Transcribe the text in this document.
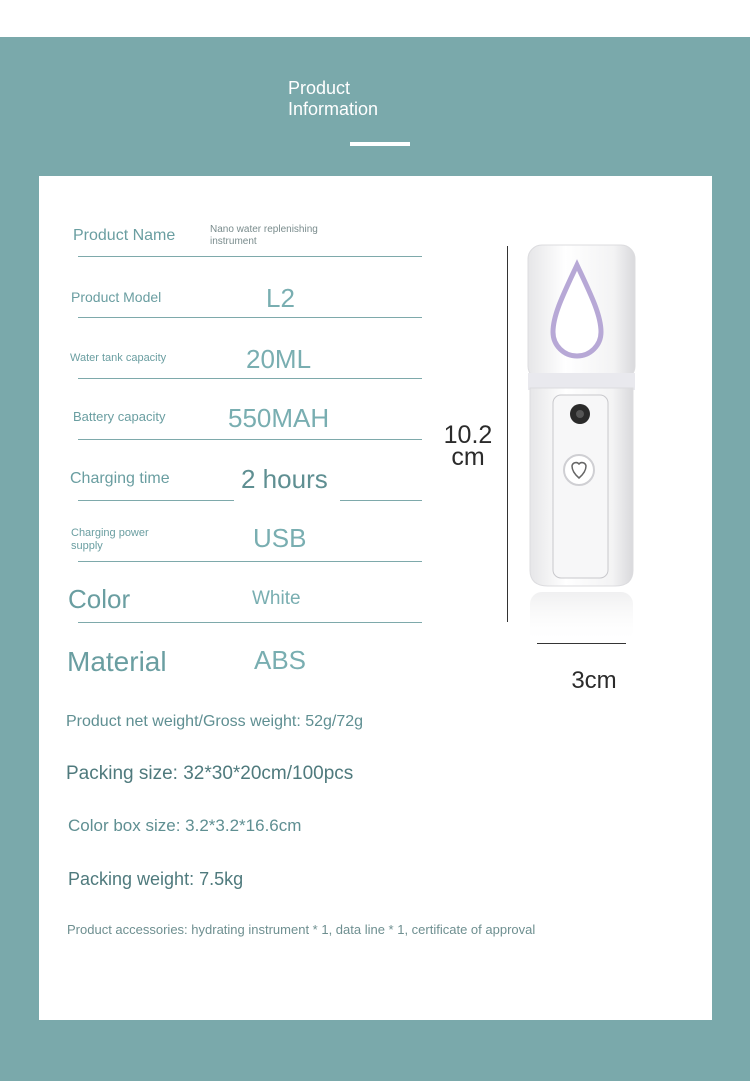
Product
Information
Product Name	Nano water replenishing
instrument
Product Model	L2
Water tank capacity	20ML
Battery capacity 550MAH
Charging time	2 hours
Charging power
supply	USB
Color	White
Material	ABS
Product net weight/Gross weight: 52g/72g
Packing size: 32*30*20cm/100pcs
Color box size: 3.2*3.2*16.6cm
Packing weight: 7.5kg
Product accessories: hydrating instrument * 1, data line * 1, certificate of approval
10.2
cm
3cm
